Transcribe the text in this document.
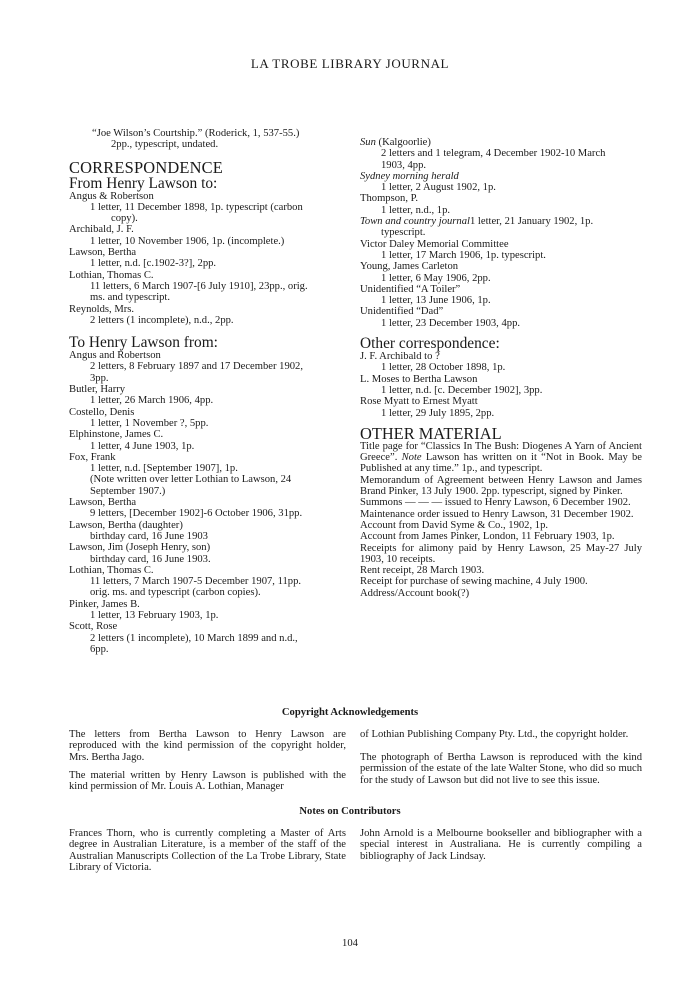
LA TROBE LIBRARY JOURNAL
“Joe Wilson’s Courtship.” (Roderick, 1, 537-55.)
2pp., typescript, undated.
CORRESPONDENCE
From Henry Lawson to:
Angus & Robertson
1 letter, 11 December 1898, 1p. typescript (carbon
copy).
Archibald, J. F.
1 letter, 10 November 1906, 1p. (incomplete.)
Lawson, Bertha
1 letter, n.d. [c.1902-3?], 2pp.
Lothian, Thomas C.
11 letters, 6 March 1907-[6 July 1910], 23pp., orig.
ms. and typescript.
Reynolds, Mrs.
2 letters (1 incomplete), n.d., 2pp.
To Henry Lawson from:
Angus and Robertson
2 letters, 8 February 1897 and 17 December 1902,
3pp.
Butler, Harry
1 letter, 26 March 1906, 4pp.
Costello, Denis
1 letter, 1 November ?, 5pp.
Elphinstone, James C.
1 letter, 4 June 1903, 1p.
Fox, Frank
1 letter, n.d. [September 1907], 1p.
(Note written over letter Lothian to Lawson, 24
September 1907.)
Lawson, Bertha
9 letters, [December 1902]-6 October 1906, 31pp.
Lawson, Bertha (daughter)
birthday card, 16 June 1903
Lawson, Jim (Joseph Henry, son)
birthday card, 16 June 1903.
Lothian, Thomas C.
11 letters, 7 March 1907-5 December 1907, 11pp.
orig. ms. and typescript (carbon copies).
Pinker, James B.
1 letter, 13 February 1903, 1p.
Scott, Rose
2 letters (1 incomplete), 10 March 1899 and n.d.,
6pp.
Sun (Kalgoorlie)
2 letters and 1 telegram, 4 December 1902-10 March
1903, 4pp.
Sydney morning herald
1 letter, 2 August 1902, 1p.
Thompson, P.
1 letter, n.d., 1p.
Town and country journal1 letter, 21 January 1902, 1p.
typescript.
Victor Daley Memorial Committee
1 letter, 17 March 1906, 1p. typescript.
Young, James Carleton
1 letter, 6 May 1906, 2pp.
Unidentified “A Toiler”
1 letter, 13 June 1906, 1p.
Unidentified “Dad”
1 letter, 23 December 1903, 4pp.
Other correspondence:
J. F. Archibald to ?
1 letter, 28 October 1898, 1p.
L. Moses to Bertha Lawson
1 letter, n.d. [c. December 1902], 3pp.
Rose Myatt to Ernest Myatt
1 letter, 29 July 1895, 2pp.
OTHER MATERIAL
Title page for “Classics In The Bush: Diogenes A Yarn of Ancient Greece”. Note Lawson has written on it “Not in Book. May be Published at any time.” 1p., and typescript.
Memorandum of Agreement between Henry Lawson and James Brand Pinker, 13 July 1900. 2pp. typescript, signed by Pinker.
Summons — — — issued to Henry Lawson, 6 December 1902.
Maintenance order issued to Henry Lawson, 31 December 1902.
Account from David Syme & Co., 1902, 1p.
Account from James Pinker, London, 11 February 1903, 1p.
Receipts for alimony paid by Henry Lawson, 25 May-27 July 1903, 10 receipts.
Rent receipt, 28 March 1903.
Receipt for purchase of sewing machine, 4 July 1900.
Address/Account book(?)
Copyright Acknowledgements
The letters from Bertha Lawson to Henry Lawson are reproduced with the kind permission of the copyright holder, Mrs. Bertha Jago.
The material written by Henry Lawson is published with the kind permission of Mr. Louis A. Lothian, Manager
of Lothian Publishing Company Pty. Ltd., the copyright holder.
The photograph of Bertha Lawson is reproduced with the kind permission of the estate of the late Walter Stone, who did so much for the study of Lawson but did not live to see this issue.
Notes on Contributors
Frances Thorn, who is currently completing a Master of Arts degree in Australian Literature, is a member of the staff of the Australian Manuscripts Collection of the La Trobe Library, State Library of Victoria.
John Arnold is a Melbourne bookseller and bibliographer with a special interest in Australiana. He is currently compiling a bibliography of Jack Lindsay.
104
